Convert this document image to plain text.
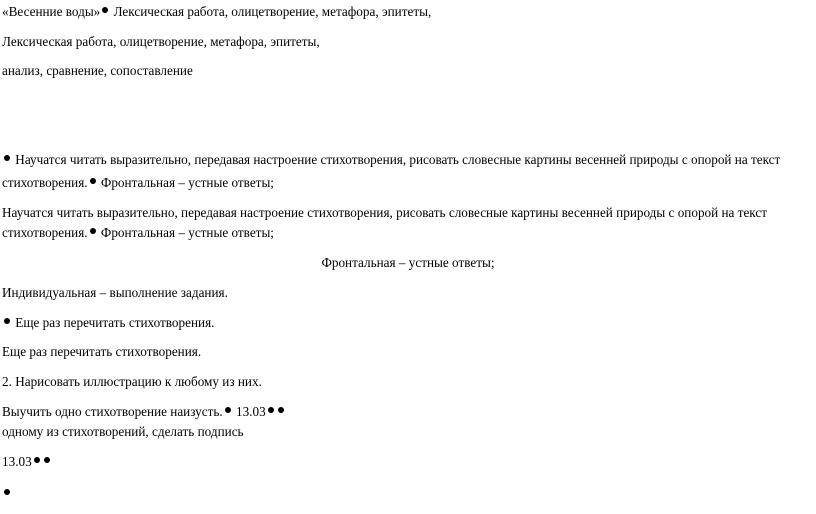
«Весенние воды» Лексическая работа, олицетворение, метафора, эпитеты,
Лексическая работа, олицетворение, метафора, эпитеты,
анализ, сравнение, сопоставление
Научатся читать выразительно, передавая настроение стихотворения, рисовать словесные картины весенней природы с опорой на текст
стихотворения. Фронтальная – устные ответы;
Научатся читать выразительно, передавая настроение стихотворения, рисовать словесные картины весенней природы с опорой на текст
стихотворения. Фронтальная – устные ответы;
Фронтальная – устные ответы;
Индивидуальная – выполнение задания.
Еще раз перечитать стихотворения.
Еще раз перечитать стихотворения.
2. Нарисовать иллюстрацию к любому из них.
Выучить одно стихотворение наизусть. 13.03
одному из стихотворений, сделать подпись
13.03
